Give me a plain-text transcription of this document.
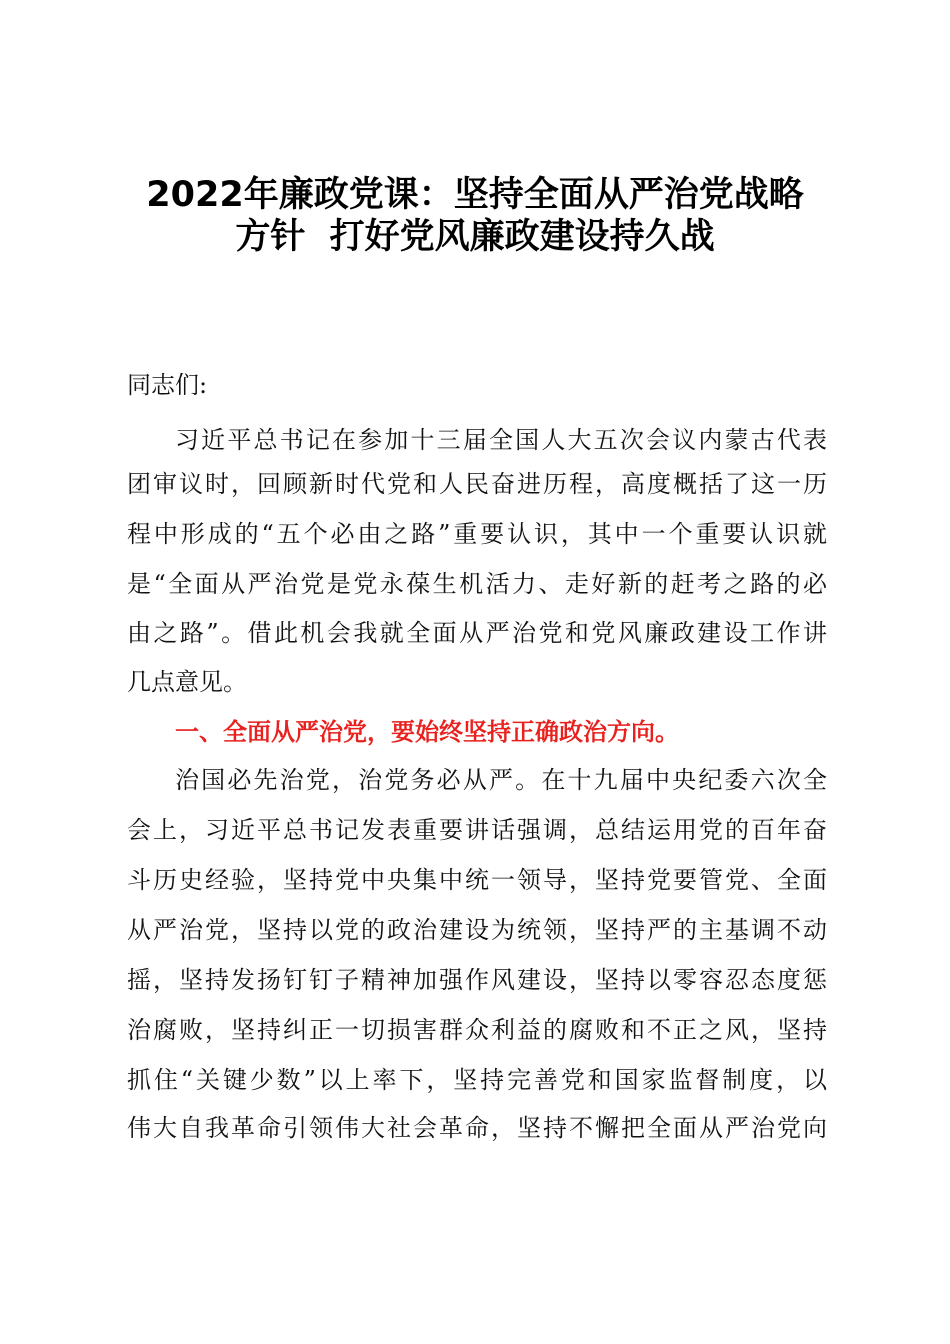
2022年廉政党课：坚持全面从严治党战略
方针  打好党风廉政建设持久战
同志们:
习近平总书记在参加十三届全国人大五次会议内蒙古代表
团审议时，回顾新时代党和人民奋进历程，高度概括了这一历
程中形成的“五个必由之路”重要认识，其中一个重要认识就
是“全面从严治党是党永葆生机活力、走好新的赶考之路的必
由之路”。借此机会我就全面从严治党和党风廉政建设工作讲
几点意见。
一、全面从严治党，要始终坚持正确政治方向。
治国必先治党，治党务必从严。在十九届中央纪委六次全
会上，习近平总书记发表重要讲话强调，总结运用党的百年奋
斗历史经验，坚持党中央集中统一领导，坚持党要管党、全面
从严治党，坚持以党的政治建设为统领，坚持严的主基调不动
摇，坚持发扬钉钉子精神加强作风建设，坚持以零容忍态度惩
治腐败，坚持纠正一切损害群众利益的腐败和不正之风，坚持
抓住“关键少数”以上率下，坚持完善党和国家监督制度，以
伟大自我革命引领伟大社会革命，坚持不懈把全面从严治党向
